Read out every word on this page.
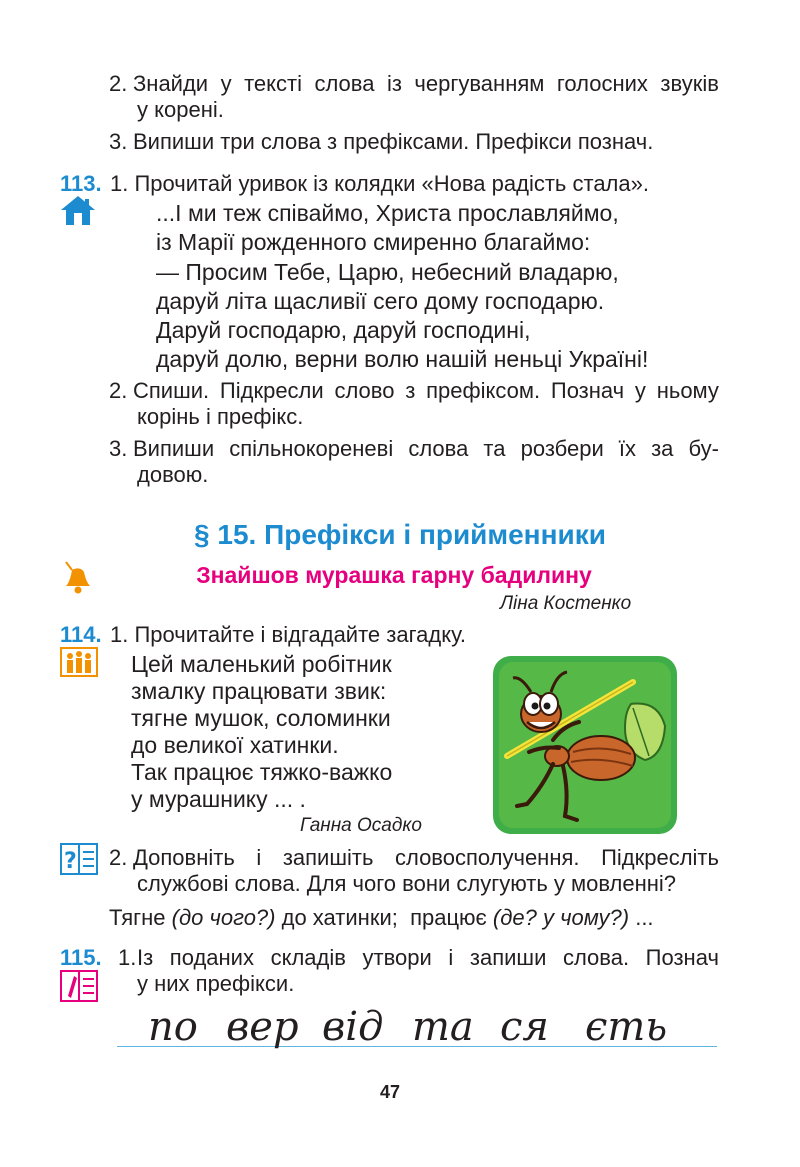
2. Знайди у тексті слова із чергуванням голосних звуків
у корені.
3. Випиши три слова з префіксами. Префікси познач.
113. 1. Прочитай уривок із колядки «Нова радість стала».
...І ми теж співаймо, Христа прославляймо,
із Марії рожденного смиренно благаймо:
— Просим Тебе, Царю, небесний владарю,
даруй літа щасливії сего дому господарю.
Даруй господарю, даруй господині,
даруй долю, верни волю нашій неньці Україні!
2. Спиши. Підкресли слово з префіксом. Познач у ньому
корінь і префікс.
3. Випиши спільнокореневі слова та розбери їх за бу-
довою.
§ 15. Префікси і прийменники
Знайшов мурашка гарну бадилину
Ліна Костенко
114. 1. Прочитайте і відгадайте загадку.
Цей маленький робітник
змалку працювати звик:
тягне мушок, соломинки
до великої хатинки.
Так працює тяжко-важко
у мурашнику ... .
Ганна Осадко
? 2. Доповніть і запишіть словосполучення. Підкресліть
службові слова. Для чого вони слугують у мовленні?
Тягне (до чого?) до хатинки;  працює (де? у чому?) ...
115. 1. Із поданих складів утвори і запиши слова. Познач
у них префікси.
по вер від та ся єть
47
